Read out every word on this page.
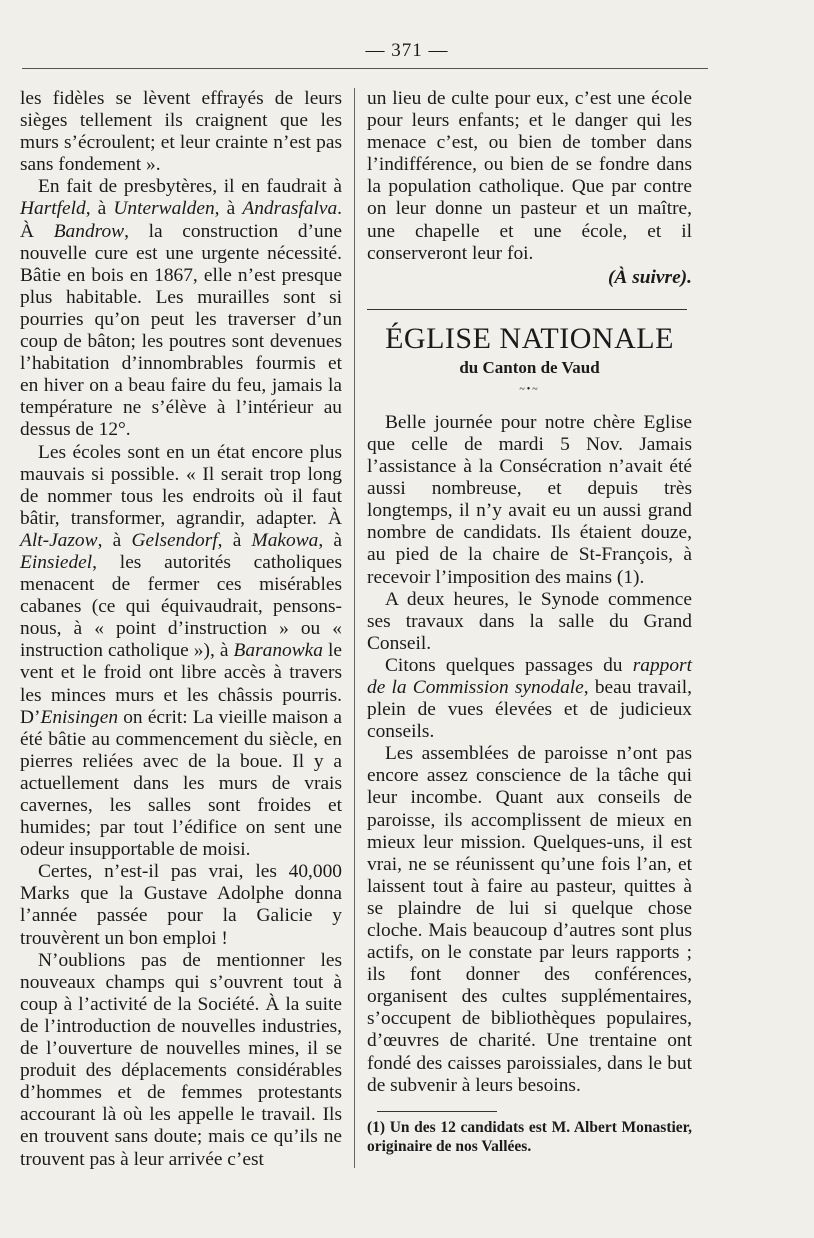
— 371 —

les fidèles se lèvent effrayés de leurs sièges tellement ils craignent que les murs s’écroulent; et leur crainte n’est pas sans fondement ».

En fait de presbytères, il en faudrait à Hartfeld, à Unterwalden, à Andrasfalva. À Bandrow, la construction d’une nouvelle cure est une urgente nécessité. Bâtie en bois en 1867, elle n’est presque plus habitable. Les murailles sont si pourries qu’on peut les traverser d’un coup de bâton; les poutres sont devenues l’habitation d’innombrables fourmis et en hiver on a beau faire du feu, jamais la température ne s’élève à l’intérieur au dessus de 12°.

Les écoles sont en un état encore plus mauvais si possible. « Il serait trop long de nommer tous les endroits où il faut bâtir, transformer, agrandir, adapter. À Alt-Jazow, à Gelsendorf, à Makowa, à Einsiedel, les autorités catholiques menacent de fermer ces misérables cabanes (ce qui équivaudrait, pensons-nous, à « point d’instruction » ou « instruction catholique »), à Baranowka le vent et le froid ont libre accès à travers les minces murs et les châssis pourris. D’Enisingen on écrit: La vieille maison a été bâtie au commencement du siècle, en pierres reliées avec de la boue. Il y a actuellement dans les murs de vrais cavernes, les salles sont froides et humides; par tout l’édifice on sent une odeur insupportable de moisi.

Certes, n’est-il pas vrai, les 40,000 Marks que la Gustave Adolphe donna l’année passée pour la Galicie y trouvèrent un bon emploi !

N’oublions pas de mentionner les nouveaux champs qui s’ouvrent tout à coup à l’activité de la Société. À la suite de l’introduction de nouvelles industries, de l’ouverture de nouvelles mines, il se produit des déplacements considérables d’hommes et de femmes protestants accourant là où les appelle le travail. Ils en trouvent sans doute; mais ce qu’ils ne trouvent pas à leur arrivée c’est

un lieu de culte pour eux, c’est une école pour leurs enfants; et le danger qui les menace c’est, ou bien de tomber dans l’indifférence, ou bien de se fondre dans la population catholique. Que par contre on leur donne un pasteur et un maître, une chapelle et une école, et il conserveront leur foi.

(À suivre).

ÉGLISE NATIONALE
du Canton de Vaud
~•~

Belle journée pour notre chère Eglise que celle de mardi 5 Nov. Jamais l’assistance à la Consécration n’avait été aussi nombreuse, et depuis très longtemps, il n’y avait eu un aussi grand nombre de candidats. Ils étaient douze, au pied de la chaire de St-François, à recevoir l’imposition des mains (1).

A deux heures, le Synode commence ses travaux dans la salle du Grand Conseil.

Citons quelques passages du rapport de la Commission synodale, beau travail, plein de vues élevées et de judicieux conseils.

Les assemblées de paroisse n’ont pas encore assez conscience de la tâche qui leur incombe. Quant aux conseils de paroisse, ils accomplissent de mieux en mieux leur mission. Quelques-uns, il est vrai, ne se réunissent qu’une fois l’an, et laissent tout à faire au pasteur, quittes à se plaindre de lui si quelque chose cloche. Mais beaucoup d’autres sont plus actifs, on le constate par leurs rapports ; ils font donner des conférences, organisent des cultes supplémentaires, s’occupent de bibliothèques populaires, d’œuvres de charité. Une trentaine ont fondé des caisses paroissiales, dans le but de subvenir à leurs besoins.

(1) Un des 12 candidats est M. Albert Monastier, originaire de nos Vallées.
